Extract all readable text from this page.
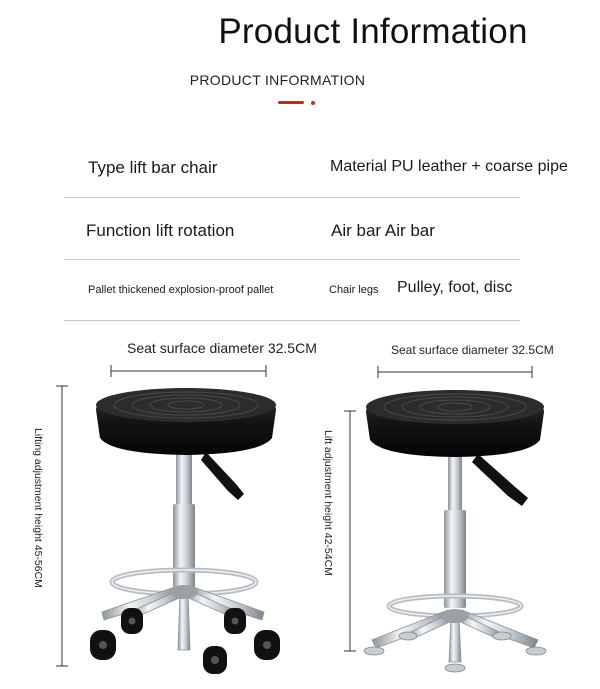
Product Information
PRODUCT INFORMATION
Type lift bar chair	Material PU leather + coarse pipe
Function lift rotation	Air bar Air bar
Pallet thickened explosion-proof pallet	Chair legs Pulley, foot, disc
Seat surface diameter 32.5CM	Seat surface diameter 32.5CM
Lifting adjustment height 45-56CM	Lift adjustment height 42-54CM
